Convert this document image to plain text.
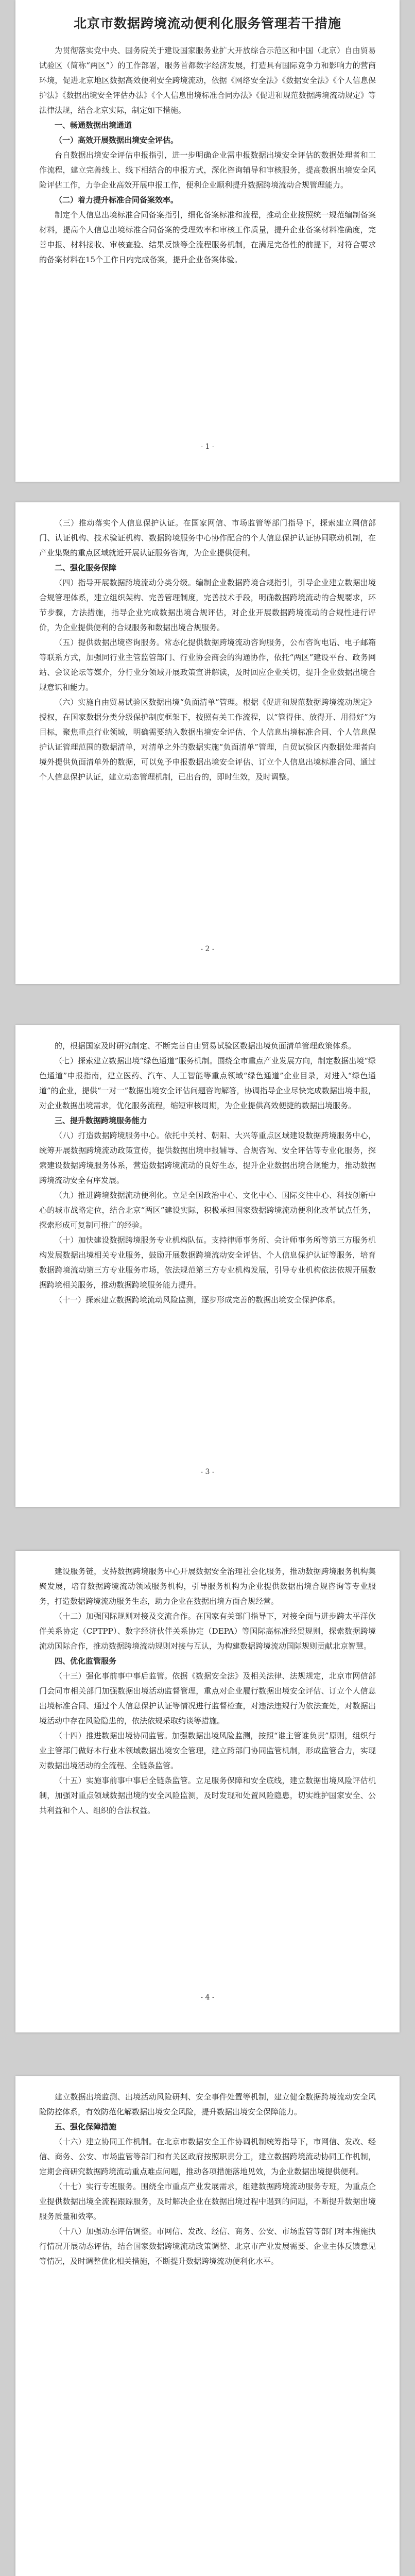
北京市数据跨境流动便利化服务管理若干措施

为贯彻落实党中央、国务院关于建设国家服务业扩大开放综合示范区和中国（北京）自由贸易试验区（简称“两区”）的工作部署，服务首都数字经济发展，打造具有国际竞争力和影响力的营商环境，促进北京地区数据高效便利安全跨境流动，依据《网络安全法》《数据安全法》《个人信息保护法》《数据出境安全评估办法》《个人信息出境标准合同办法》《促进和规范数据跨境流动规定》等法律法规，结合北京实际，制定如下措施。

一、畅通数据出境通道

（一）高效开展数据出境安全评估。

台自数据出境安全评估申报指引，进一步明确企业需申报数据出境安全评估的数据处理者和工作流程，建立完善线上、线下相结合的申报方式，深化咨询辅导和审核服务，提高数据出境安全风险评估工作，力争企业高效开展申报工作，便利企业顺利提升数据跨境流动合规管理能力。

（二）着力提升标准合同备案效率。

制定个人信息出境标准合同备案指引，细化备案标准和流程，推动企业按照统一规范编制备案材料，提高个人信息出境标准合同备案的受理效率和审核工作质量，提升企业备案材料准确度，完善申报、材料接收、审核查验、结果反馈等全流程服务机制，在满足完备性的前提下，对符合要求的备案材料在15个工作日内完成备案，提升企业备案体验。

- 1 -

（三）推动落实个人信息保护认证。在国家网信、市场监管等部门指导下，探索建立网信部门、认证机构、技术验证机构、数据跨境服务中心协作配合的个人信息保护认证协同联动机制，在产业集聚的重点区域就近开展认证服务咨询，为企业提供便利。

二、强化服务保障

（四）指导开展数据跨境流动分类分级。编制企业数据跨境合规指引，引导企业建立数据出境合规管理体系，建立组织架构、完善管理制度，完善技术手段，明确数据跨境流动的合规要求，环节步骤，方法措施，指导企业完成数据出境合规评估，对企业开展数据跨境流动的合规性进行评价，为企业提供便利的合规服务和数据出境合规服务。

（五）提供数据出境咨询服务。常态化提供数据跨境流动咨询服务，公布咨询电话、电子邮箱等联系方式，加强同行业主管监管部门、行业协会商会的沟通协作，依托“两区”建设平台、政务网站、会议论坛等媒介，分行业分领域开展政策宣讲解读，及时回应企业关切，提升企业数据出境合规意识和能力。

（六）实施自由贸易试验区数据出境“负面清单”管理。根据《促进和规范数据跨境流动规定》授权，在国家数据分类分级保护制度框架下，按照有关工作流程，以“管得住、放得开、用得好”为目标，聚焦重点行业领域，明确需要纳入数据出境安全评估、个人信息出境标准合同、个人信息保护认证管理范围的数据清单，对清单之外的数据实施“负面清单”管理，自贸试验区内数据处理者向境外提供负面清单外的数据，可以免予申报数据出境安全评估、订立个人信息出境标准合同、通过个人信息保护认证，建立动态管理机制，已出台的，即时生效，及时调整。

- 2 -

的，根据国家及时研究制定、不断完善自由贸易试验区数据出境负面清单管理政策体系。

（七）探索建立数据出境“绿色通道”服务机制。围绕全市重点产业发展方向，制定数据出境“绿色通道”申报指南，建立医药、汽车、人工智能等重点领域“绿色通道”企业目录，对进入“绿色通道”的企业，提供“一对一”数据出境安全评估问题咨询解答，协调指导企业尽快完成数据出境申报，对企业数据出境需求，优化服务流程，缩短审核周期，为企业提供高效便捷的数据出境服务。

三、提升数据跨境服务能力

（八）打造数据跨境服务中心。依托中关村、朝阳、大兴等重点区域建设数据跨境服务中心，统筹开展数据跨境流动政策宣传，提供数据出境申报辅导、合规咨询、安全评估等专业化服务，探索建设数据跨境服务体系，营造数据跨境流动的良好生态，提升企业数据出境合规能力，推动数据跨境流动安全有序发展。

（九）推进跨境数据流动便利化。立足全国政治中心、文化中心、国际交往中心、科技创新中心的城市战略定位，结合北京“两区”建设实际，积极承担国家数据跨境流动便利化改革试点任务，探索形成可复制可推广的经验。

（十）加快建设数据跨境服务专业机构队伍。支持律师事务所、会计师事务所等第三方服务机构发展数据出境相关专业服务，鼓励开展数据跨境流动安全评估、个人信息保护认证等服务，培育数据跨境流动第三方专业服务市场，依法规范第三方专业机构发展，引导专业机构依法依规开展数据跨境相关服务，推动数据跨境服务能力提升。

（十一）探索建立数据跨境流动风险监测，逐步形成完善的数据出境安全保护体系。

- 3 -

建设服务链，支持数据跨境服务中心开展数据安全治理社会化服务，推动数据跨境服务机构集聚发展，培育数据跨境流动领域服务机构，引导服务机构为企业提供数据出境合规咨询等专业服务，打造数据跨境流动服务生态，助力企业在数据出境方面合规经营。

（十二）加强国际规则对接及交流合作。在国家有关部门指导下，对接全面与进步跨太平洋伙伴关系协定（CPTPP）、数字经济伙伴关系协定（DEPA）等国际高标准经贸规则，探索数据跨境流动国际合作，推动数据跨境流动规则对接与互认，为构建数据跨境流动国际规则贡献北京智慧。

四、优化监管服务

（十三）强化事前事中事后监管。依据《数据安全法》及相关法律、法规规定，北京市网信部门会同市相关部门加强数据出境活动监督管理，重点对企业履行数据出境安全评估、订立个人信息出境标准合同、通过个人信息保护认证等情况进行监督检查，对违法违规行为依法查处，对数据出境活动中存在风险隐患的，依法依规采取约谈等措施。

（十四）推进数据出境协同监管。加强数据出境风险监测，按照“谁主管谁负责”原则，组织行业主管部门做好本行业本领域数据出境安全管理，建立跨部门协同监管机制，形成监管合力，实现对数据出境活动的全流程、全链条监管。

（十五）实施事前事中事后全链条监管。立足服务保障和安全底线，建立数据出境风险评估机制，加强对重点领域数据出境的安全风险监测，及时发现和处置风险隐患，切实维护国家安全、公共利益和个人、组织的合法权益。

- 4 -

建立数据出境监测、出境活动风险研判、安全事件处置等机制，建立健全数据跨境流动安全风险防控体系，有效防范化解数据出境安全风险，提升数据出境安全保障能力。

五、强化保障措施

（十六）建立协同工作机制。在北京市数据安全工作协调机制统筹指导下，市网信、发改、经信、商务、公安、市场监管等部门和有关区政府按照职责分工，建立数据跨境流动协同工作机制，定期会商研究数据跨境流动重点难点问题，推动各项措施落地见效，为企业数据出境提供便利。

（十七）实行专班服务。围绕全市重点产业发展需求，组建数据跨境流动服务专班，为重点企业提供数据出境全流程跟踪服务，及时解决企业在数据出境过程中遇到的问题，不断提升数据出境服务质量和效率。

（十八）加强动态评估调整。市网信、发改、经信、商务、公安、市场监管等部门对本措施执行情况开展动态评估，结合国家数据跨境流动政策调整、北京市产业发展需要、企业主体反馈意见等情况，及时调整优化相关措施，不断提升数据跨境流动便利化水平。
